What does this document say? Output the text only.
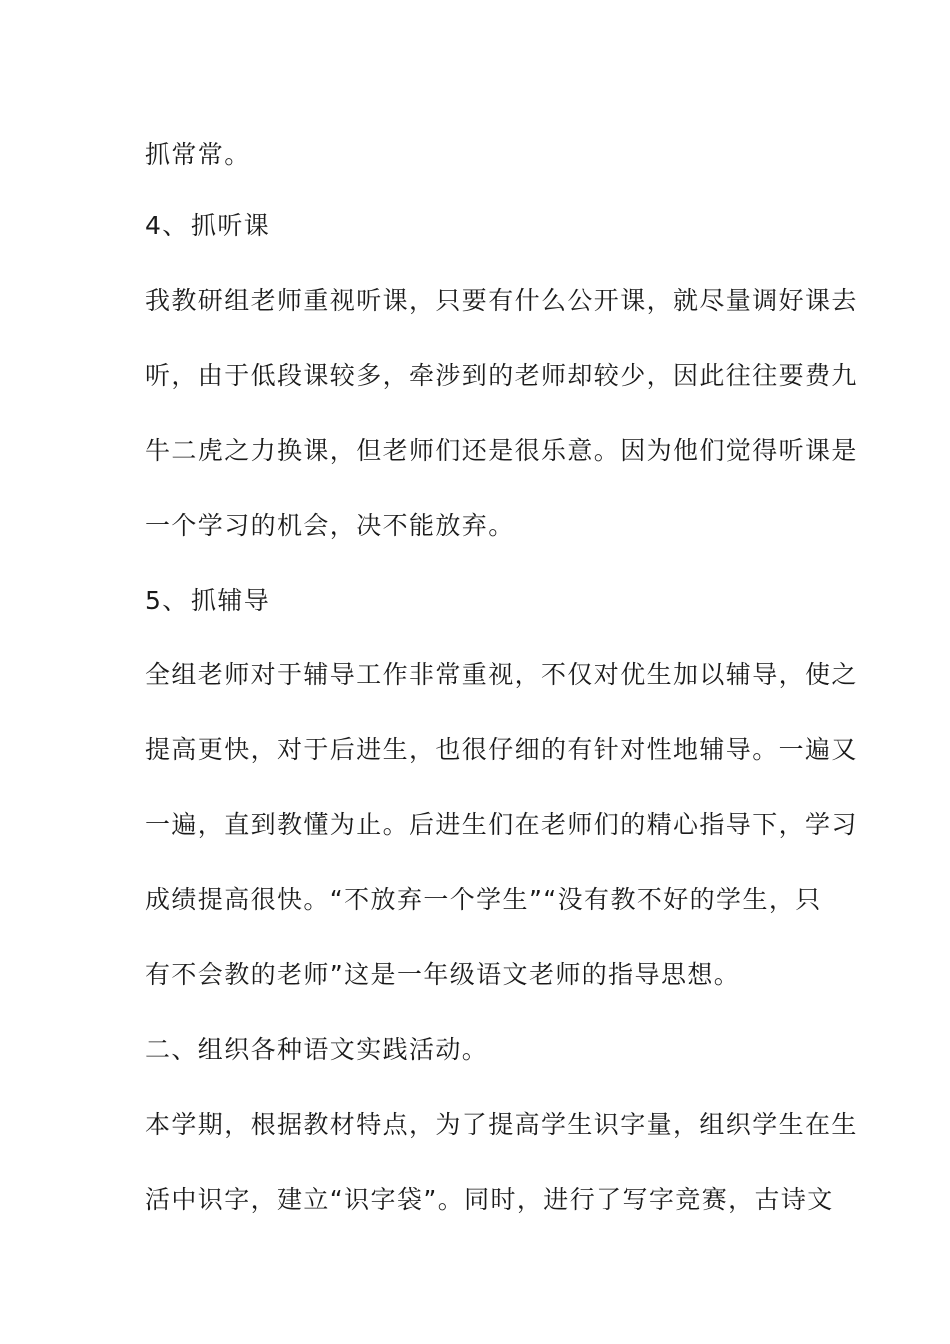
抓常常。
4、抓听课
我教研组老师重视听课，只要有什么公开课，就尽量调好课去
听，由于低段课较多，牵涉到的老师却较少，因此往往要费九
牛二虎之力换课，但老师们还是很乐意。因为他们觉得听课是
一个学习的机会，决不能放弃。
5、抓辅导
全组老师对于辅导工作非常重视，不仅对优生加以辅导，使之
提高更快，对于后进生，也很仔细的有针对性地辅导。一遍又
一遍，直到教懂为止。后进生们在老师们的精心指导下，学习
成绩提高很快。“不放弃一个学生”“没有教不好的学生，只
有不会教的老师”这是一年级语文老师的指导思想。
二、组织各种语文实践活动。
本学期，根据教材特点，为了提高学生识字量，组织学生在生
活中识字，建立“识字袋”。同时，进行了写字竞赛，古诗文
